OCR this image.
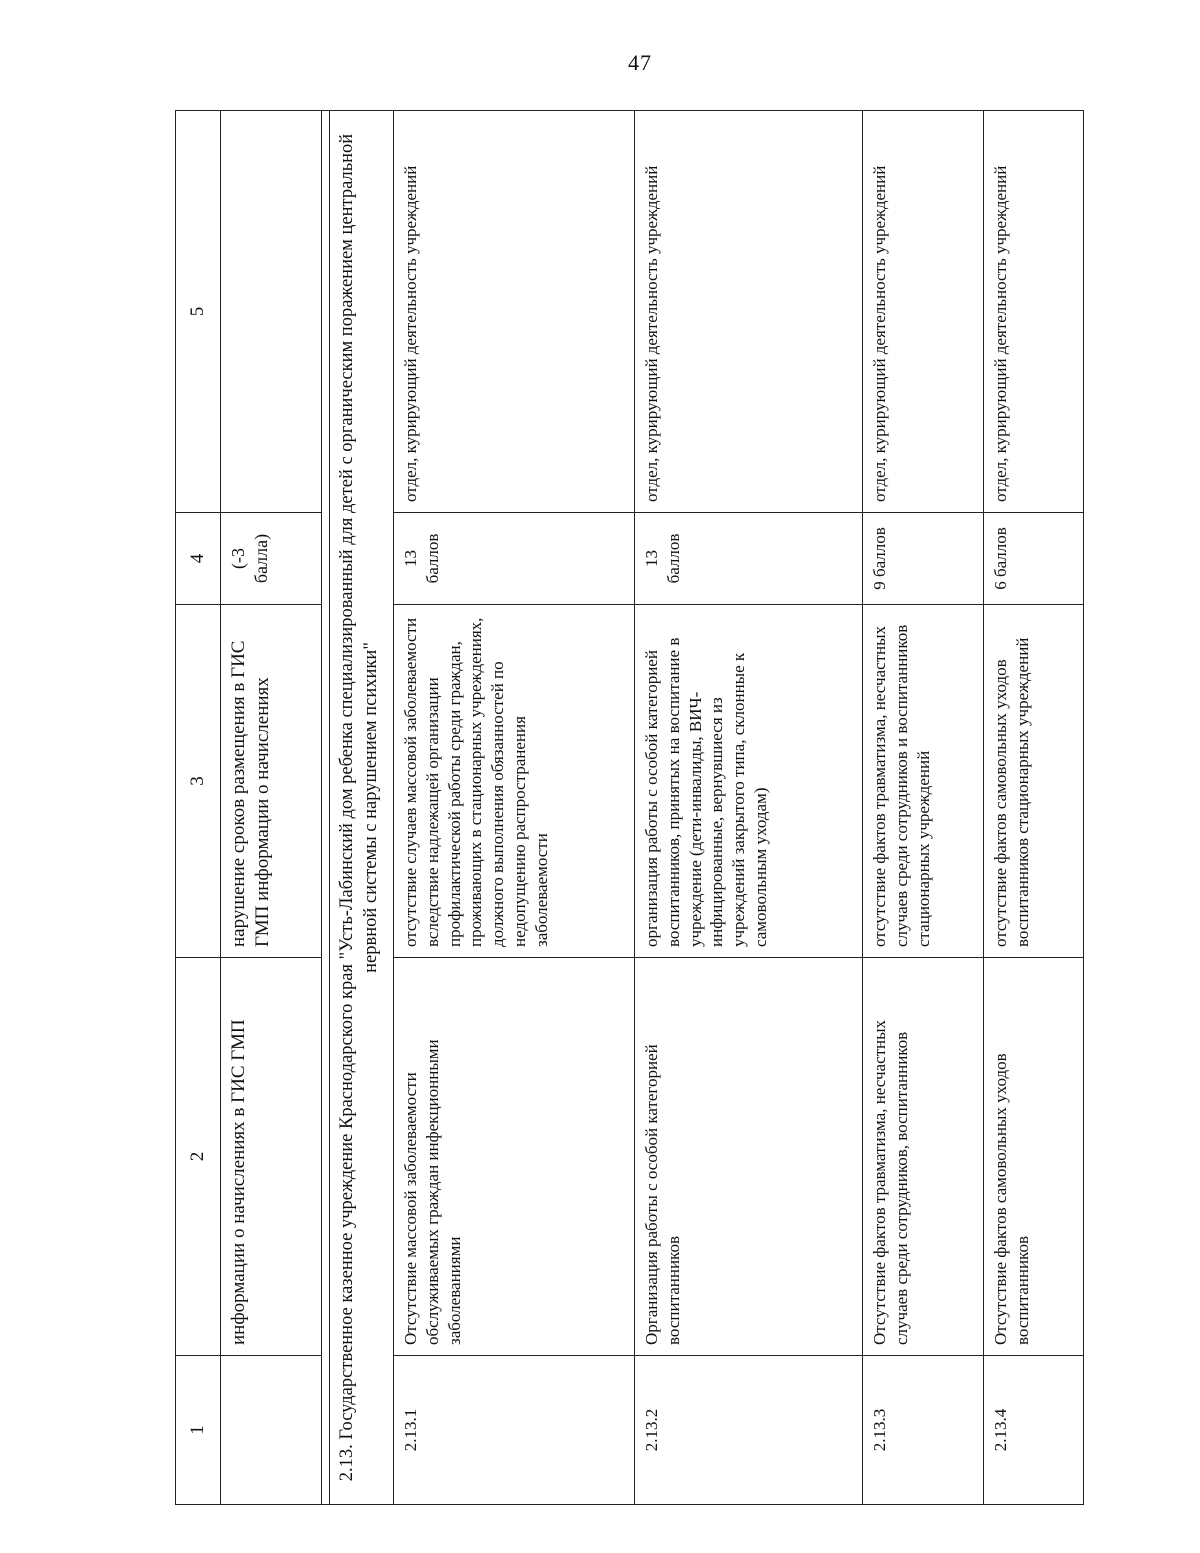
47
1	2	3	4	5
	информации о начислениях в ГИС ГМП	нарушение сроков размещения в ГИС ГМП информации о начислениях	(-3 балла)	

2.13. Государственное казенное учреждение Краснодарского края "Усть-Лабинский дом ребенка специализированный для детей с органическим поражением центральной нервной системы с нарушением психики"				
2.13.1	Отсутствие массовой заболеваемости обслуживаемых граждан инфекционными заболеваниями	отсутствие случаев массовой заболеваемости вследствие надлежащей организации профилактической работы среди граждан, проживающих в стационарных учреждениях, должного выполнения обязанностей по недопущению распространения заболеваемости	13 баллов	отдел, курирующий деятельность учреждений
2.13.2	Организация работы с особой категорией воспитанников	организация работы с особой категорией воспитанников, принятых на воспитание в учреждение (дети-инвалиды, ВИЧ-инфицированные, вернувшиеся из учреждений закрытого типа, склонные к самовольным уходам)	13 баллов	отдел, курирующий деятельность учреждений
2.13.3	Отсутствие фактов травматизма, несчастных случаев среди сотрудников, воспитанников	отсутствие фактов травматизма, несчастных случаев среди сотрудников и воспитанников стационарных учреждений	9 баллов	отдел, курирующий деятельность учреждений
2.13.4	Отсутствие фактов самовольных уходов воспитанников	отсутствие фактов самовольных уходов воспитанников стационарных учреждений	6 баллов	отдел, курирующий деятельность учреждений
